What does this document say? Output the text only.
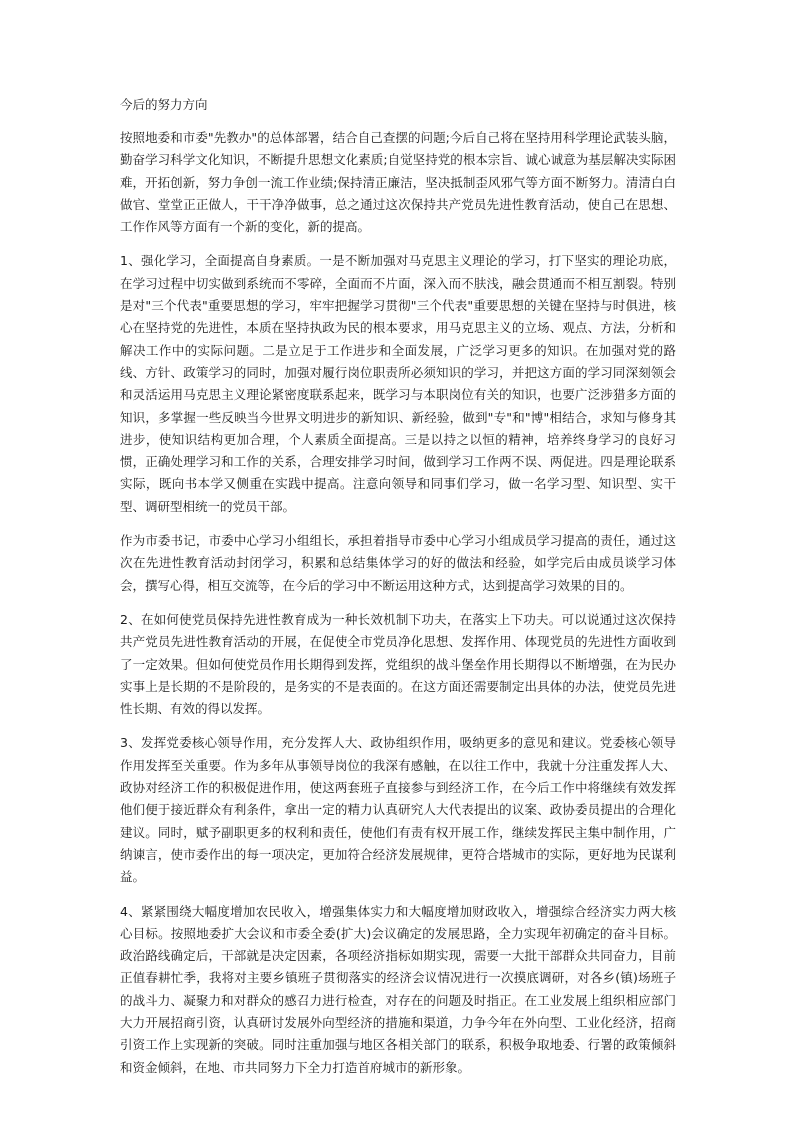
今后的努力方向

按照地委和市委"先教办"的总体部署，结合自己查摆的问题;今后自己将在坚持用科学理论武装头脑，勤奋学习科学文化知识，不断提升思想文化素质;自觉坚持党的根本宗旨、诚心诚意为基层解决实际困难，开拓创新，努力争创一流工作业绩;保持清正廉洁，坚决抵制歪风邪气等方面不断努力。清清白白做官、堂堂正正做人，干干净净做事，总之通过这次保持共产党员先进性教育活动，使自己在思想、工作作风等方面有一个新的变化，新的提高。

1、强化学习，全面提高自身素质。一是不断加强对马克思主义理论的学习，打下坚实的理论功底，在学习过程中切实做到系统而不零碎，全面而不片面，深入而不肤浅，融会贯通而不相互割裂。特别是对"三个代表"重要思想的学习，牢牢把握学习贯彻"三个代表"重要思想的关键在坚持与时俱进，核心在坚持党的先进性，本质在坚持执政为民的根本要求，用马克思主义的立场、观点、方法，分析和解决工作中的实际问题。二是立足于工作进步和全面发展，广泛学习更多的知识。在加强对党的路线、方针、政策学习的同时，加强对履行岗位职责所必须知识的学习，并把这方面的学习同深刻领会和灵活运用马克思主义理论紧密度联系起来，既学习与本职岗位有关的知识，也要广泛涉猎多方面的知识，多掌握一些反映当今世界文明进步的新知识、新经验，做到"专"和"博"相结合，求知与修身其进步，使知识结构更加合理，个人素质全面提高。三是以持之以恒的精神，培养终身学习的良好习惯，正确处理学习和工作的关系，合理安排学习时间，做到学习工作两不误、两促进。四是理论联系实际，既向书本学又侧重在实践中提高。注意向领导和同事们学习，做一名学习型、知识型、实干型、调研型相统一的党员干部。

作为市委书记，市委中心学习小组组长，承担着指导市委中心学习小组成员学习提高的责任，通过这次在先进性教育活动封闭学习，积累和总结集体学习的好的做法和经验，如学完后由成员谈学习体会，撰写心得，相互交流等，在今后的学习中不断运用这种方式，达到提高学习效果的目的。

2、在如何使党员保持先进性教育成为一种长效机制下功夫，在落实上下功夫。可以说通过这次保持共产党员先进性教育活动的开展，在促使全市党员净化思想、发挥作用、体现党员的先进性方面收到了一定效果。但如何使党员作用长期得到发挥，党组织的战斗堡垒作用长期得以不断增强，在为民办实事上是长期的不是阶段的，是务实的不是表面的。在这方面还需要制定出具体的办法，使党员先进性长期、有效的得以发挥。

3、发挥党委核心领导作用，充分发挥人大、政协组织作用，吸纳更多的意见和建议。党委核心领导作用发挥至关重要。作为多年从事领导岗位的我深有感触，在以往工作中，我就十分注重发挥人大、政协对经济工作的积极促进作用，使这两套班子直接参与到经济工作，在今后工作中将继续有效发挥他们便于接近群众有利条件，拿出一定的精力认真研究人大代表提出的议案、政协委员提出的合理化建议。同时，赋予副职更多的权利和责任，使他们有责有权开展工作，继续发挥民主集中制作用，广纳谏言，使市委作出的每一项决定，更加符合经济发展规律，更符合塔城市的实际，更好地为民谋利益。

4、紧紧围绕大幅度增加农民收入，增强集体实力和大幅度增加财政收入，增强综合经济实力两大核心目标。按照地委扩大会议和市委全委(扩大)会议确定的发展思路，全力实现年初确定的奋斗目标。政治路线确定后，干部就是决定因素，各项经济指标如期实现，需要一大批干部群众共同奋力，目前正值春耕忙季，我将对主要乡镇班子贯彻落实的经济会议情况进行一次摸底调研，对各乡(镇)场班子的战斗力、凝聚力和对群众的感召力进行检查，对存在的问题及时指正。在工业发展上组织相应部门大力开展招商引资，认真研讨发展外向型经济的措施和渠道，力争今年在外向型、工业化经济，招商引资工作上实现新的突破。同时注重加强与地区各相关部门的联系，积极争取地委、行署的政策倾斜和资金倾斜，在地、市共同努力下全力打造首府城市的新形象。
